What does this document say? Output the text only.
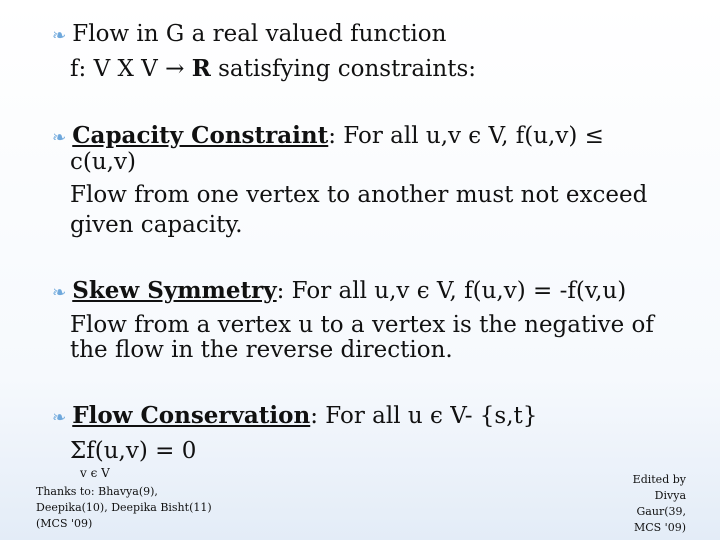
❧ Flow in G a real valued function
f: V X V → R satisfying constraints:
❧ Capacity Constraint: For all u,v є V, f(u,v) ≤
c(u,v)
Flow from one vertex to another must not exceed
given capacity.
❧ Skew Symmetry: For all u,v є V, f(u,v) = -f(v,u)
Flow from a vertex u to a vertex is the negative of
the flow in the reverse direction.
❧ Flow Conservation: For all u є V- {s,t}
Σf(u,v) = 0
v є V
Thanks to: Bhavya(9),
Deepika(10), Deepika Bisht(11)
(MCS '09)
Edited by
Divya
Gaur(39,
MCS '09)
